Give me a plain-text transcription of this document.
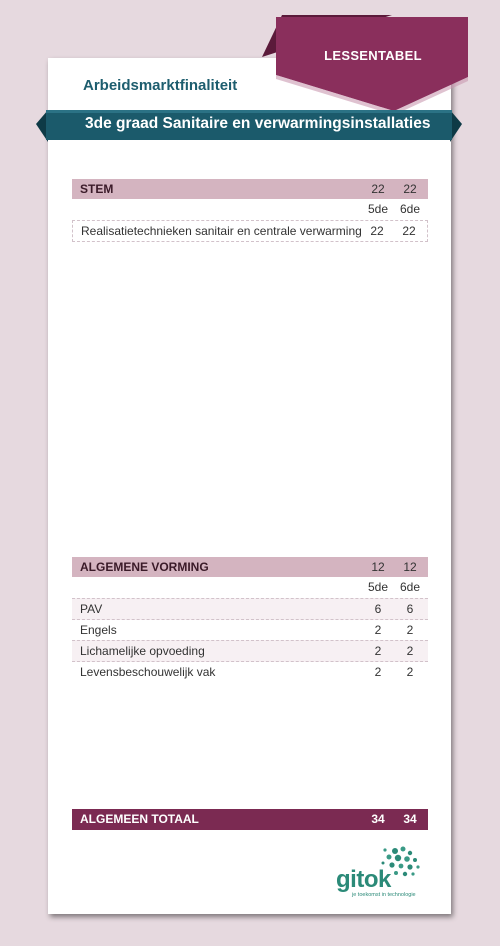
LESSENTABEL
Arbeidsmarktfinaliteit
3de graad Sanitaire en verwarmingsinstallaties
STEM	22	22
5de 6de
Realisatietechnieken sanitair en centrale verwarming 22	22
ALGEMENE VORMING	12	12
5de 6de
PAV	6	6
Engels	2	2
Lichamelijke opvoeding	2	2
Levensbeschouwelijk vak	2	2
ALGEMEEN TOTAAL	34	34
gitok
je toekomst in technologie
